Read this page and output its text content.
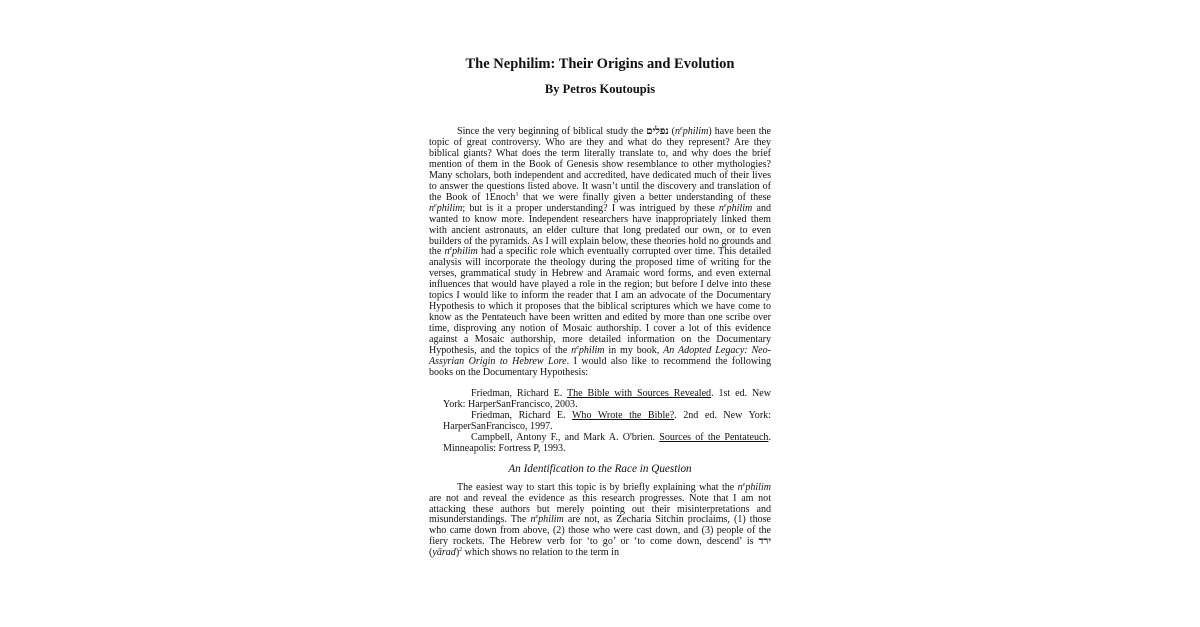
The Nephilim: Their Origins and Evolution
By Petros Koutoupis

Since the very beginning of biblical study the נפלים $(n^ephilim)$ have been the topic of great controversy. Who are they and what do they represent? Are they biblical giants? What does the term literally translate to, and why does the brief mention of them in the Book of Genesis show resemblance to other mythologies? Many scholars, both independent and accredited, have dedicated much of their lives to answer the questions listed above. It wasn’t until the discovery and translation of the Book of 1Enoch$^1$ that we were finally given a better understanding of these $n^ephilim$; but is it a proper understanding? I was intrigued by these $n^ephilim$ and wanted to know more. Independent researchers have inappropriately linked them with ancient astronauts, an elder culture that long predated our own, or to even builders of the pyramids. As I will explain below, these theories hold no grounds and the $n^ephilim$ had a specific role which eventually corrupted over time. This detailed analysis will incorporate the theology during the proposed time of writing for the verses, grammatical study in Hebrew and Aramaic word forms, and even external influences that would have played a role in the region; but before I delve into these topics I would like to inform the reader that I am an advocate of the Documentary Hypothesis to which it proposes that the biblical scriptures which we have come to know as the Pentateuch have been written and edited by more than one scribe over time, disproving any notion of Mosaic authorship. I cover a lot of this evidence against a Mosaic authorship, more detailed information on the Documentary Hypothesis, and the topics of the $n^ephilim$ in my book, An Adopted Legacy: Neo-Assyrian Origin to Hebrew Lore. I would also like to recommend the following books on the Documentary Hypothesis:

Friedman, Richard E. The Bible with Sources Revealed. 1st ed. New York: HarperSanFrancisco, 2003.

Friedman, Richard E. Who Wrote the Bible?. 2nd ed. New York: HarperSanFrancisco, 1997.

Campbell, Antony F., and Mark A. O'brien. Sources of the Pentateuch. Minneapolis: Fortress P, 1993.

An Identification to the Race in Question

The easiest way to start this topic is by briefly explaining what the $n^ephilim$ are not and reveal the evidence as this research progresses. Note that I am not attacking these authors but merely pointing out their misinterpretations and misunderstandings. The $n^ephilim$ are not, as Zecharia Sitchin proclaims, (1) those who came down from above, (2) those who were cast down, and (3) people of the fiery rockets. The Hebrew verb for ‘to go’ or ‘to come down, descend’ is ירד (yārad)$^2$ which shows no relation to the term in
